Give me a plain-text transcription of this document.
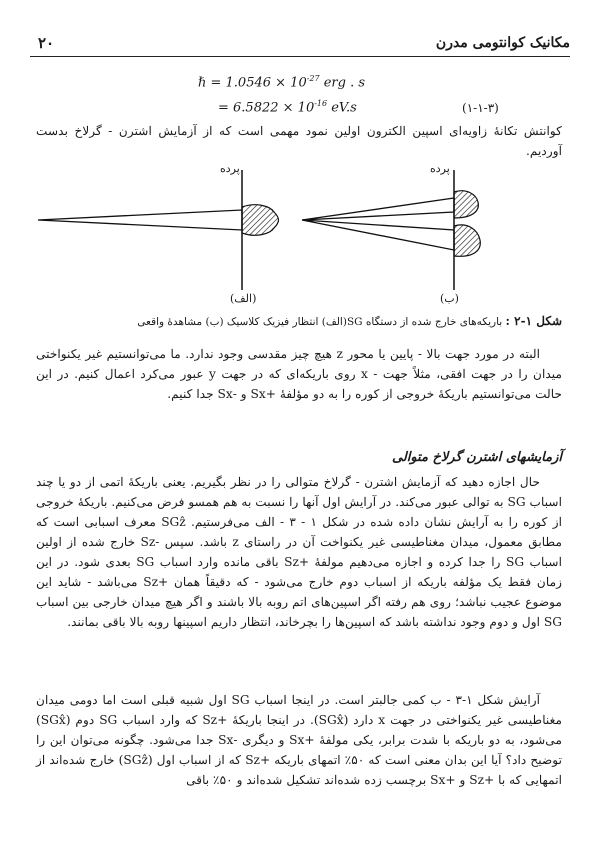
۲۰	مکانیک کوانتومی مدرن
ℏ = $1.0546 \times 10^{-27}$ erg . s
= $6.5822 \times 10^{-16}$ eV.s	(۱-۱-۳)

کوانتش تکانهٔ زاویه‌ای اسپین الکترون اولین نمود مهمی است که از آزمایش اشترن - گرلاخ بدست آوردیم.

پرده	پرده
(الف)	(ب)
شکل ۱-۲ : باریکه‌های خارج شده از دستگاه SG(الف) انتظار فیزیک کلاسیک (ب) مشاهدهٔ واقعی

البته در مورد جهت بالا - پایین یا محور z هیچ چیز مقدسی وجود ندارد. ما می‌توانستیم غیر یکنواختی میدان را در جهت افقی، مثلاً جهت - x روی باریکه‌ای که در جهت y عبور می‌کرد اعمال کنیم. در این حالت می‌توانستیم باریکهٔ خروجی از کوره را به دو مؤلفهٔ +Sx و -Sx جدا کنیم.

آزمایشهای اشترن گرلاخ متوالی

حال اجازه دهید که آزمایش اشترن - گرلاخ متوالی را در نظر بگیریم. یعنی باریکهٔ اتمی از دو یا چند اسباب SG به توالی عبور می‌کند. در آرایش اول آنها را نسبت به هم همسو فرض می‌کنیم. باریکهٔ خروجی از کوره را به آرایش نشان داده شده در شکل ۱ - ۳ - الف می‌فرستیم. SGẑ معرف اسبابی است که مطابق معمول، میدان مغناطیسی غیر یکنواخت آن در راستای z باشد. سپس -Sz خارج شده از اولین اسباب SG را جدا کرده و اجازه می‌دهیم مولفهٔ +Sz باقی مانده وارد اسباب SG بعدی شود. در این زمان فقط یک مؤلفه باریکه از اسباب دوم خارج می‌شود - که دقیقاً همان +Sz می‌باشد - شاید این موضوع عجیب نباشد؛ روی هم رفته اگر اسپین‌های اتم روبه بالا باشند و اگر هیچ میدان خارجی بین اسباب SG اول و دوم وجود نداشته باشد که اسپین‌ها را بچرخاند، انتظار داریم اسپینها روبه بالا باقی بمانند.

آرایش شکل ۱-۳ - ب کمی جالبتر است. در اینجا اسباب SG اول شبیه قبلی است اما دومی میدان مغناطیسی غیر یکنواختی در جهت x دارد (SGx̂). در اینجا باریکهٔ +Sz که وارد اسباب SG دوم (SGx̂) می‌شود، به دو باریکه با شدت برابر، یکی مولفهٔ +Sx و دیگری -Sx جدا می‌شود. چگونه می‌توان این را توضیح داد؟ آیا این بدان معنی است که ۵۰٪ اتمهای باریکه +Sz که از اسباب اول (SGẑ) خارج شده‌اند از اتمهایی که با +Sz و +Sx برچسب زده شده‌اند تشکیل شده‌اند و ۵۰٪ باقی
